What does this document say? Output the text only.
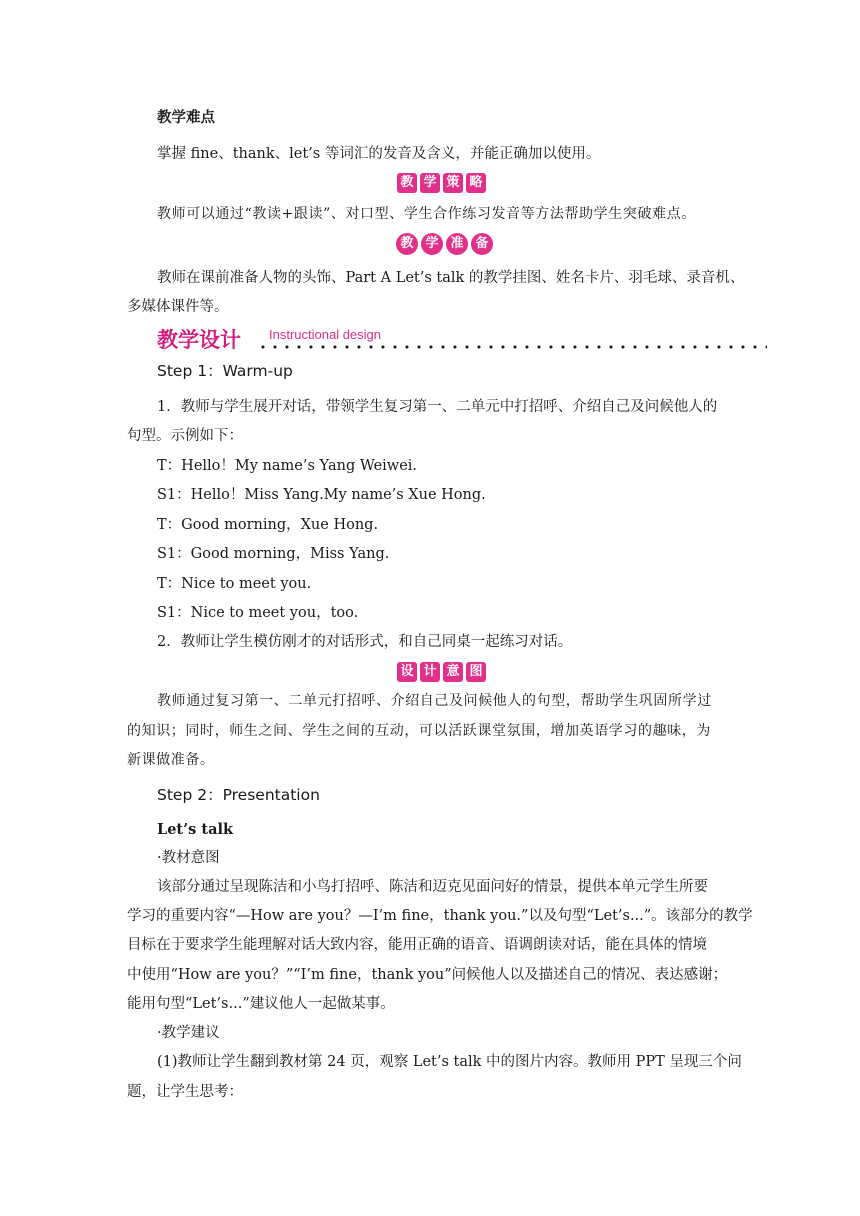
教学难点
掌握 fine、thank、let’s 等词汇的发音及含义，并能正确加以使用。
教 学 策 略
教师可以通过“教读+跟读”、对口型、学生合作练习发音等方法帮助学生突破难点。
教 学 准 备
教师在课前准备人物的头饰、Part A Let’s talk 的教学挂图、姓名卡片、羽毛球、录音机、
多媒体课件等。
教学设计 Instructional design
Step 1：Warm-up
1．教师与学生展开对话，带领学生复习第一、二单元中打招呼、介绍自己及问候他人的
句型。示例如下：
T：Hello！My name’s Yang Weiwei.
S1：Hello！Miss Yang.My name’s Xue Hong.
T：Good morning，Xue Hong.
S1：Good morning，Miss Yang.
T：Nice to meet you.
S1：Nice to meet you，too.
2．教师让学生模仿刚才的对话形式，和自己同桌一起练习对话。
设 计 意 图
教师通过复习第一、二单元打招呼、介绍自己及问候他人的句型，帮助学生巩固所学过
的知识；同时，师生之间、学生之间的互动，可以活跃课堂氛围，增加英语学习的趣味，为
新课做准备。
Step 2：Presentation
Let’s talk
·教材意图
该部分通过呈现陈洁和小鸟打招呼、陈洁和迈克见面问好的情景，提供本单元学生所要
学习的重要内容“—How are you？—I’m fine，thank you.”以及句型“Let’s...”。该部分的教学
目标在于要求学生能理解对话大致内容，能用正确的语音、语调朗读对话，能在具体的情境
中使用“How are you？”“I’m fine，thank you”问候他人以及描述自己的情况、表达感谢；
能用句型“Let’s...”建议他人一起做某事。
·教学建议
(1)教师让学生翻到教材第 24 页，观察 Let’s talk 中的图片内容。教师用 PPT 呈现三个问
题，让学生思考：
